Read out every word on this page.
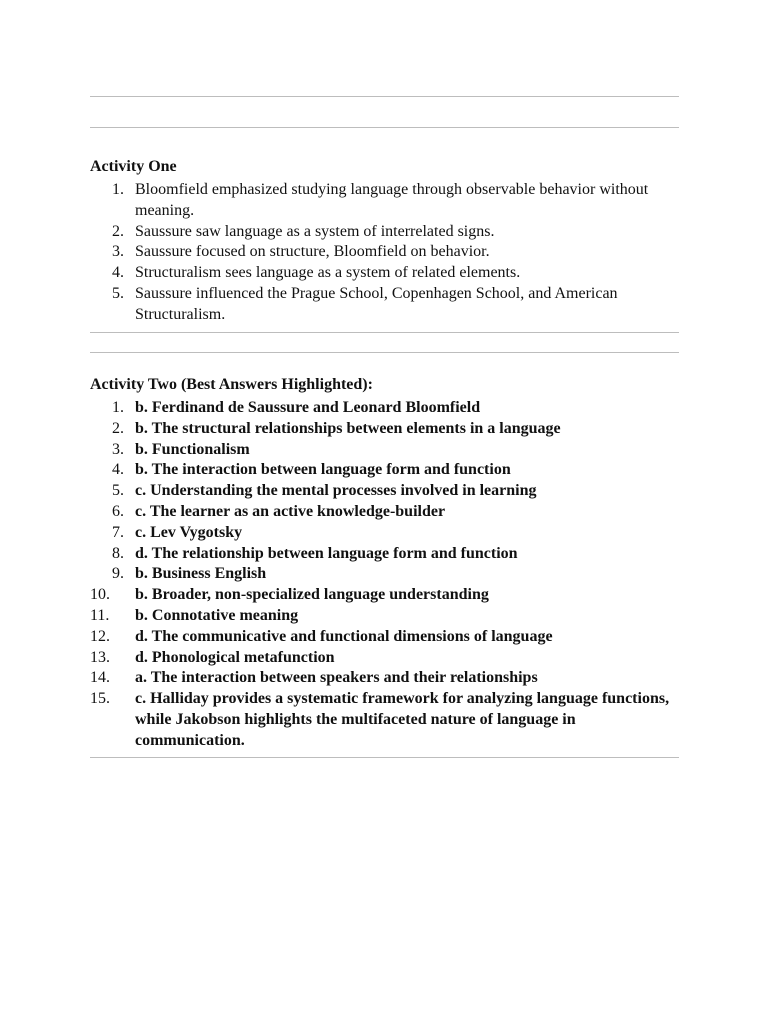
Activity One
1. Bloomfield emphasized studying language through observable behavior without meaning.
2. Saussure saw language as a system of interrelated signs.
3. Saussure focused on structure, Bloomfield on behavior.
4. Structuralism sees language as a system of related elements.
5. Saussure influenced the Prague School, Copenhagen School, and American Structuralism.
Activity Two (Best Answers Highlighted):
1. b. Ferdinand de Saussure and Leonard Bloomfield
2. b. The structural relationships between elements in a language
3. b. Functionalism
4. b. The interaction between language form and function
5. c. Understanding the mental processes involved in learning
6. c. The learner as an active knowledge-builder
7. c. Lev Vygotsky
8. d. The relationship between language form and function
9. b. Business English
10. b. Broader, non-specialized language understanding
11. b. Connotative meaning
12. d. The communicative and functional dimensions of language
13. d. Phonological metafunction
14. a. The interaction between speakers and their relationships
15. c. Halliday provides a systematic framework for analyzing language functions, while Jakobson highlights the multifaceted nature of language in communication.
